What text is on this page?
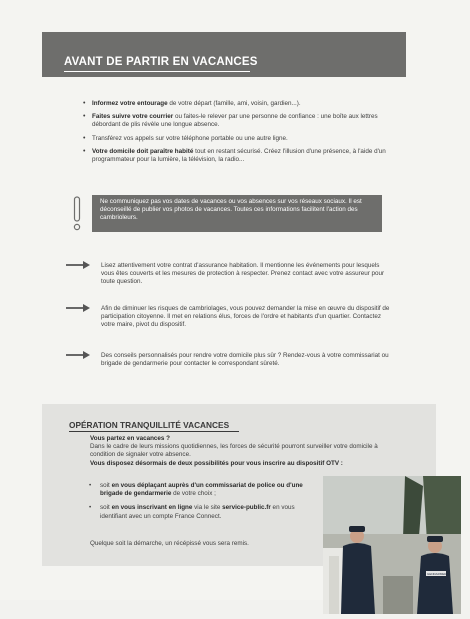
AVANT DE PARTIR EN VACANCES
• Informez votre entourage de votre départ (famille, ami, voisin, gardien...).
• Faites suivre votre courrier ou faites-le relever par une personne de confiance : une boîte aux lettres débordant de plis révèle une longue absence.
• Transférez vos appels sur votre téléphone portable ou une autre ligne.
• Votre domicile doit paraître habité tout en restant sécurisé. Créez l'illusion d'une présence, à l'aide d'un programmateur pour la lumière, la télévision, la radio...
Ne communiquez pas vos dates de vacances ou vos absences sur vos réseaux sociaux. Il est déconseillé de publier vos photos de vacances. Toutes ces informations facilitent l'action des cambrioleurs.

Lisez attentivement votre contrat d'assurance habitation. Il mentionne les événements pour lesquels vous êtes couverts et les mesures de protection à respecter. Prenez contact avec votre assureur pour toute question.

Afin de diminuer les risques de cambriolages, vous pouvez demander la mise en œuvre du dispositif de participation citoyenne. Il met en relations élus, forces de l'ordre et habitants d'un quartier. Contactez votre maire, pivot du dispositif.

Des conseils personnalisés pour rendre votre domicile plus sûr ? Rendez-vous à votre commissariat ou brigade de gendarmerie pour contacter le correspondant sûreté.

OPÉRATION TRANQUILLITÉ VACANCES
Vous partez en vacances ?
Dans le cadre de leurs missions quotidiennes, les forces de sécurité pourront surveiller votre domicile à condition de signaler votre absence.
Vous disposez désormais de deux possibilités pour vous inscrire au dispositif OTV :
• soit en vous déplaçant auprès d'un commissariat de police ou d'une brigade de gendarmerie de votre choix ;
• soit en vous inscrivant en ligne via le site service-public.fr en vous identifiant avec un compte France Connect.
Quelque soit la démarche, un récépissé vous sera remis.
GENDARMERIE
